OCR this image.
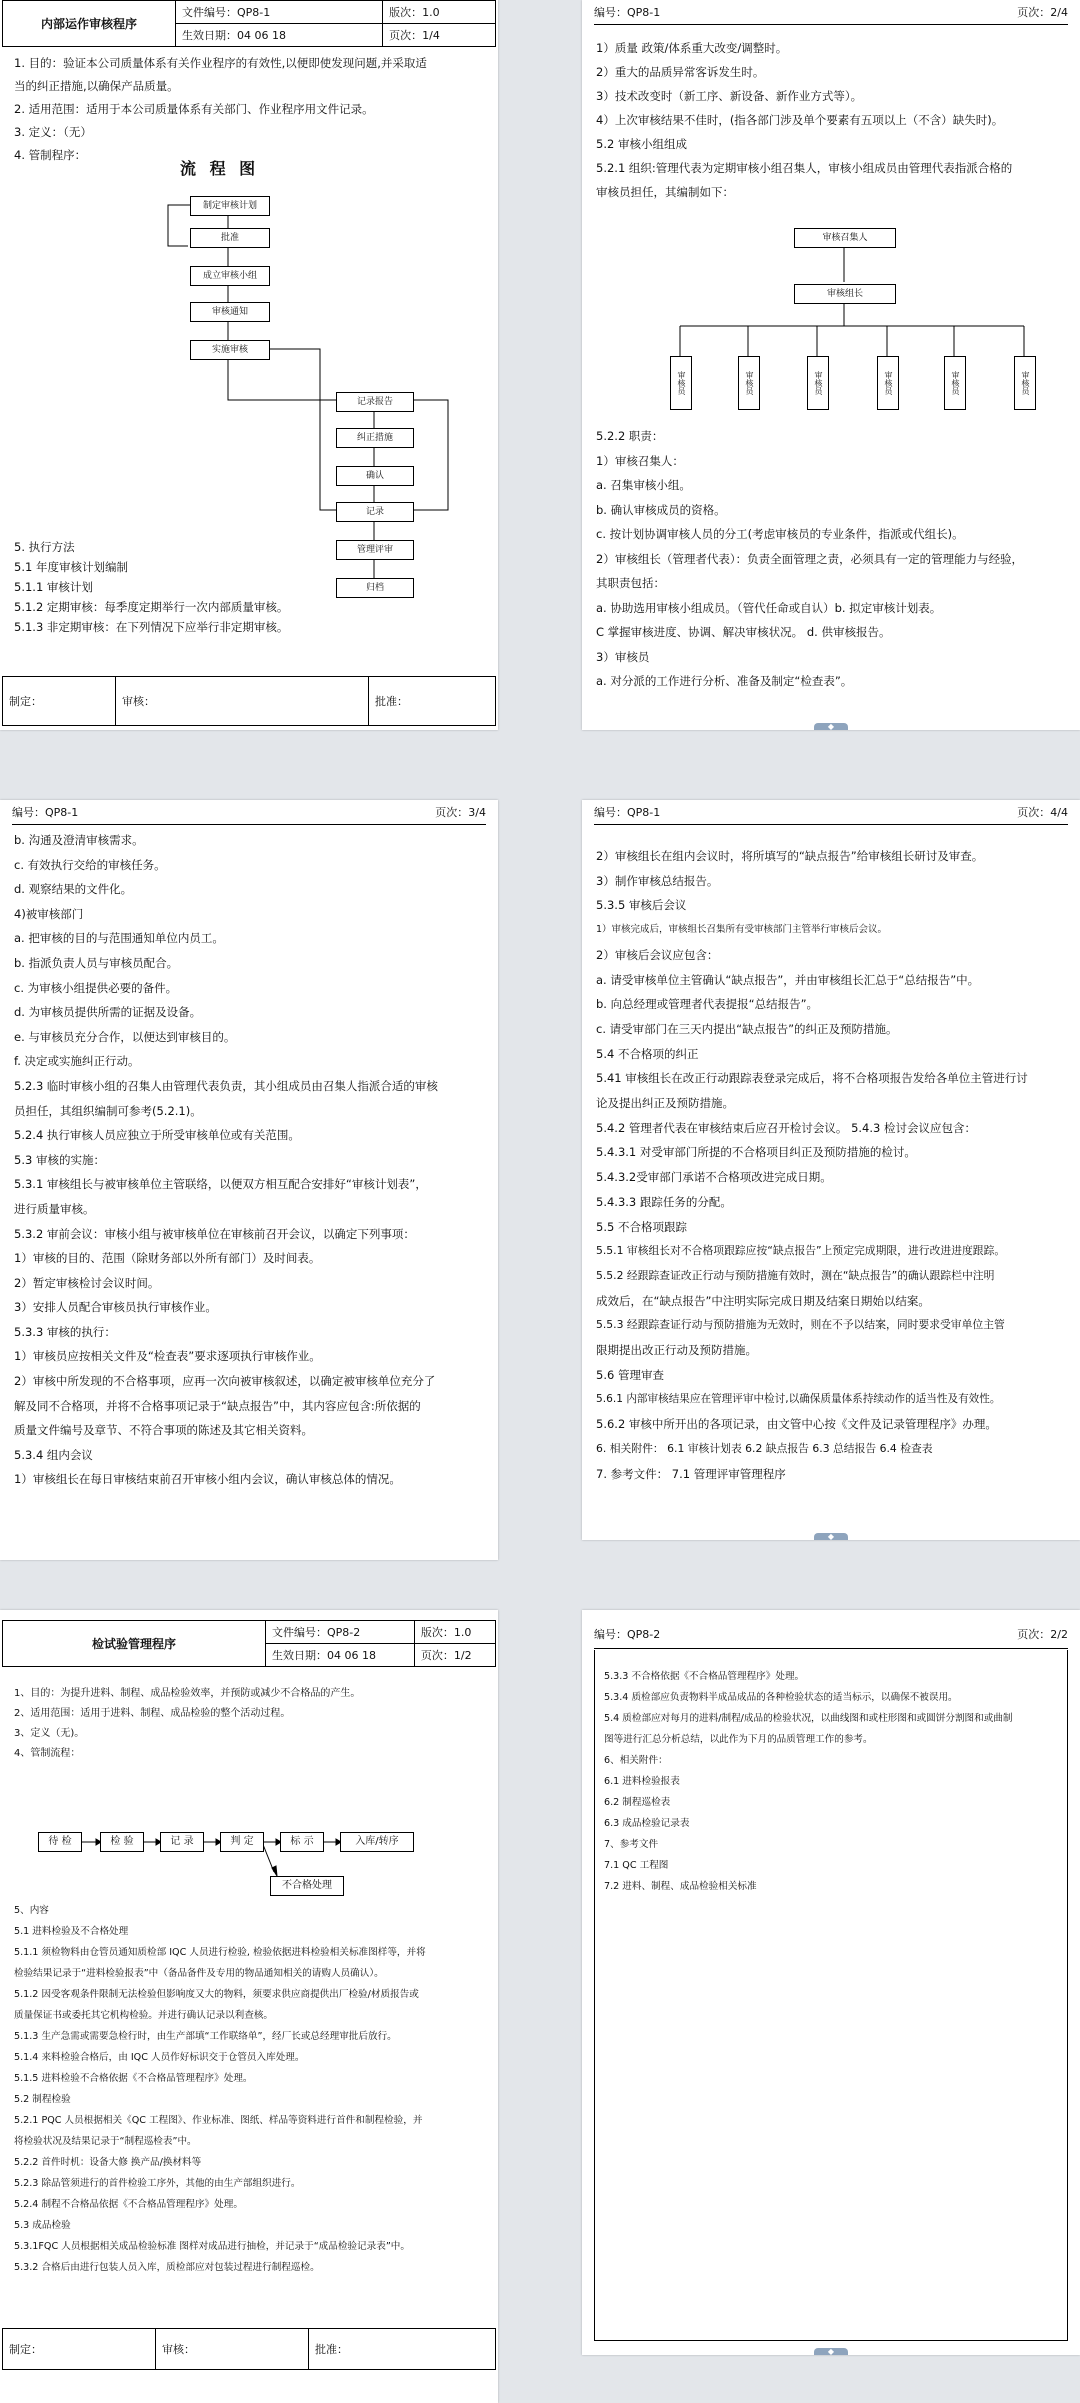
内部运作审核程序	文件编号：QP8-1	版次：1.0
	生效日期：04 06 18	页次：1/4
1. 目的：验证本公司质量体系有关作业程序的有效性,以便即使发现问题,并采取适
当的纠正措施,以确保产品质量。
2. 适用范围：适用于本公司质量体系有关部门、作业程序用文件记录。
3. 定义：（无）
4. 管制程序：
流 程 图
制定审核计划
批准
成立审核小组
审核通知
实施审核
记录报告
纠正措施
确认
记录
管理评审
归档
5. 执行方法
5.1 年度审核计划编制
5.1.1 审核计划
5.1.2 定期审核：每季度定期举行一次内部质量审核。
5.1.3 非定期审核：在下列情况下应举行非定期审核。
制定：	审核：	批准：
编号：QP8-1	页次：2/4
1）质量 政策/体系重大改变/调整时。
2）重大的品质异常客诉发生时。
3）技术改变时（新工序、新设备、新作业方式等）。
4）上次审核结果不佳时，(指各部门涉及单个要素有五项以上（不含）缺失时)。
5.2 审核小组组成
5.2.1 组织:管理代表为定期审核小组召集人，审核小组成员由管理代表指派合格的
审核员担任，其编制如下：
审核召集人
审核组长
审核员	审核员	审核员	审核员	审核员	审核员
5.2.2 职责：
1）审核召集人：
a. 召集审核小组。
b. 确认审核成员的资格。
c. 按计划协调审核人员的分工(考虑审核员的专业条件，指派或代组长)。
2）审核组长（管理者代表）：负责全面管理之责，必须具有一定的管理能力与经验，
其职责包括：
a. 协助选用审核小组成员。（管代任命或自认）b. 拟定审核计划表。
C 掌握审核进度、协调、解决审核状况。 d. 供审核报告。
3）审核员
a. 对分派的工作进行分析、准备及制定“检查表”。
◆
编号：QP8-1	页次：3/4
b. 沟通及澄清审核需求。
c. 有效执行交给的审核任务。
d. 观察结果的文件化。
4)被审核部门
a. 把审核的目的与范围通知单位内员工。
b. 指派负责人员与审核员配合。
c. 为审核小组提供必要的备件。
d. 为审核员提供所需的证据及设备。
e. 与审核员充分合作，以便达到审核目的。
f. 决定或实施纠正行动。
5.2.3 临时审核小组的召集人由管理代表负责，其小组成员由召集人指派合适的审核
员担任，其组织编制可参考(5.2.1)。
5.2.4 执行审核人员应独立于所受审核单位或有关范围。
5.3 审核的实施：
5.3.1 审核组长与被审核单位主管联络，以便双方相互配合安排好“审核计划表”，
进行质量审核。
5.3.2 审前会议：审核小组与被审核单位在审核前召开会议，以确定下列事项：
1）审核的目的、范围（除财务部以外所有部门）及时间表。
2）暂定审核检讨会议时间。
3）安排人员配合审核员执行审核作业。
5.3.3 审核的执行：
1）审核员应按相关文件及“检查表”要求逐项执行审核作业。
2）审核中所发现的不合格事项，应再一次向被审核叙述，以确定被审核单位充分了
解及同不合格项，并将不合格事项记录于“缺点报告”中，其内容应包含:所依据的
质量文件编号及章节、不符合事项的陈述及其它相关资料。
5.3.4 组内会议
1）审核组长在每日审核结束前召开审核小组内会议，确认审核总体的情况。
编号：QP8-1	页次：4/4
2）审核组长在组内会议时，将所填写的“缺点报告”给审核组长研讨及审查。
3）制作审核总结报告。
5.3.5 审核后会议
1）审核完成后，审核组长召集所有受审核部门主管举行审核后会议。
2）审核后会议应包含：
a. 请受审核单位主管确认“缺点报告”，并由审核组长汇总于“总结报告”中。
b. 向总经理或管理者代表提报“总结报告”。
c. 请受审部门在三天内提出“缺点报告”的纠正及预防措施。
5.4 不合格项的纠正
5.41 审核组长在改正行动跟踪表登录完成后，将不合格项报告发给各单位主管进行讨
论及提出纠正及预防措施。
5.4.2 管理者代表在审核结束后应召开检讨会议。 5.4.3 检讨会议应包含：
5.4.3.1 对受审部门所提的不合格项目纠正及预防措施的检讨。
5.4.3.2受审部门承诺不合格项改进完成日期。
5.4.3.3 跟踪任务的分配。
5.5 不合格项跟踪
5.5.1 审核组长对不合格项跟踪应按“缺点报告”上预定完成期限，进行改进进度跟踪。
5.5.2 经跟踪查证改正行动与预防措施有效时，测在“缺点报告”的确认跟踪栏中注明
成效后，在“缺点报告”中注明实际完成日期及结案日期始以结案。
5.5.3 经跟踪查证行动与预防措施为无效时，则在不予以结案，同时要求受审单位主管
限期提出改正行动及预防措施。
5.6 管理审查
5.6.1 内部审核结果应在管理评审中检讨,以确保质量体系持续动作的适当性及有效性。
5.6.2 审核中所开出的各项记录，由文管中心按《文件及记录管理程序》办理。
6. 相关附件： 6.1 审核计划表 6.2 缺点报告 6.3 总结报告 6.4 检查表
7. 参考文件： 7.1 管理评审管理程序
◆
检试验管理程序	文件编号：QP8-2	版次：1.0
	生效日期：04 06 18	页次：1/2
1、目的：为提升进料、制程、成品检验效率，并预防或减少不合格品的产生。
2、适用范围：适用于进料、制程、成品检验的整个活动过程。
3、定义（无)。
4、管制流程：
待 检	检 验	记 录	判 定	标 示	入库/转序
不合格处理
5、内容
5.1 进料检验及不合格处理
5.1.1 须检物料由仓管员通知质检部 IQC 人员进行检验, 检验依据进料检验相关标准图样等，并将
检验结果记录于“进料检验报表”中（备品备件及专用的物品通知相关的请购人员确认）。
5.1.2 因受客观条件限制无法检验但影响度又大的物料，须要求供应商提供出厂检验/材质报告或
质量保证书或委托其它机构检验。并进行确认记录以利查核。
5.1.3 生产急需或需要急检行时，由生产部填“工作联络单”，经厂长或总经理审批后放行。
5.1.4 来料检验合格后，由 IQC 人员作好标识交于仓管员入库处理。
5.1.5 进料检验不合格依据《不合格品管理程序》处理。
5.2 制程检验
5.2.1 PQC 人员根据相关《QC 工程图》、作业标准、图纸、样品等资料进行首件和制程检验，并
将检验状况及结果记录于“制程巡检表”中。
5.2.2 首件时机：设备大修 换产品/换材料等
5.2.3 除品管须进行的首件检验工序外，其他的由生产部组织进行。
5.2.4 制程不合格品依据《不合格品管理程序》处理。
5.3 成品检验
5.3.1FQC 人员根据相关成品检验标准 图样对成品进行抽检，并记录于“成品检验记录表”中。
5.3.2 合格后由进行包装人员入库，质检部应对包装过程进行制程巡检。
制定：	审核：	批准：
编号：QP8-2	页次：2/2
5.3.3 不合格依据《不合格品管理程序》处理。
5.3.4 质检部应负责物料半成品成品的各种检验状态的适当标示，以确保不被误用。
5.4 质检部应对每月的进料/制程/成品的检验状况，以曲线图和或柱形图和或圆饼分割图和或曲制
图等进行汇总分析总结，以此作为下月的品质管理工作的参考。
6、相关附件：
6.1 进料检验报表
6.2 制程巡检表
6.3 成品检验记录表
7、参考文件
7.1 QC 工程图
7.2 进料、制程、成品检验相关标准
◆
